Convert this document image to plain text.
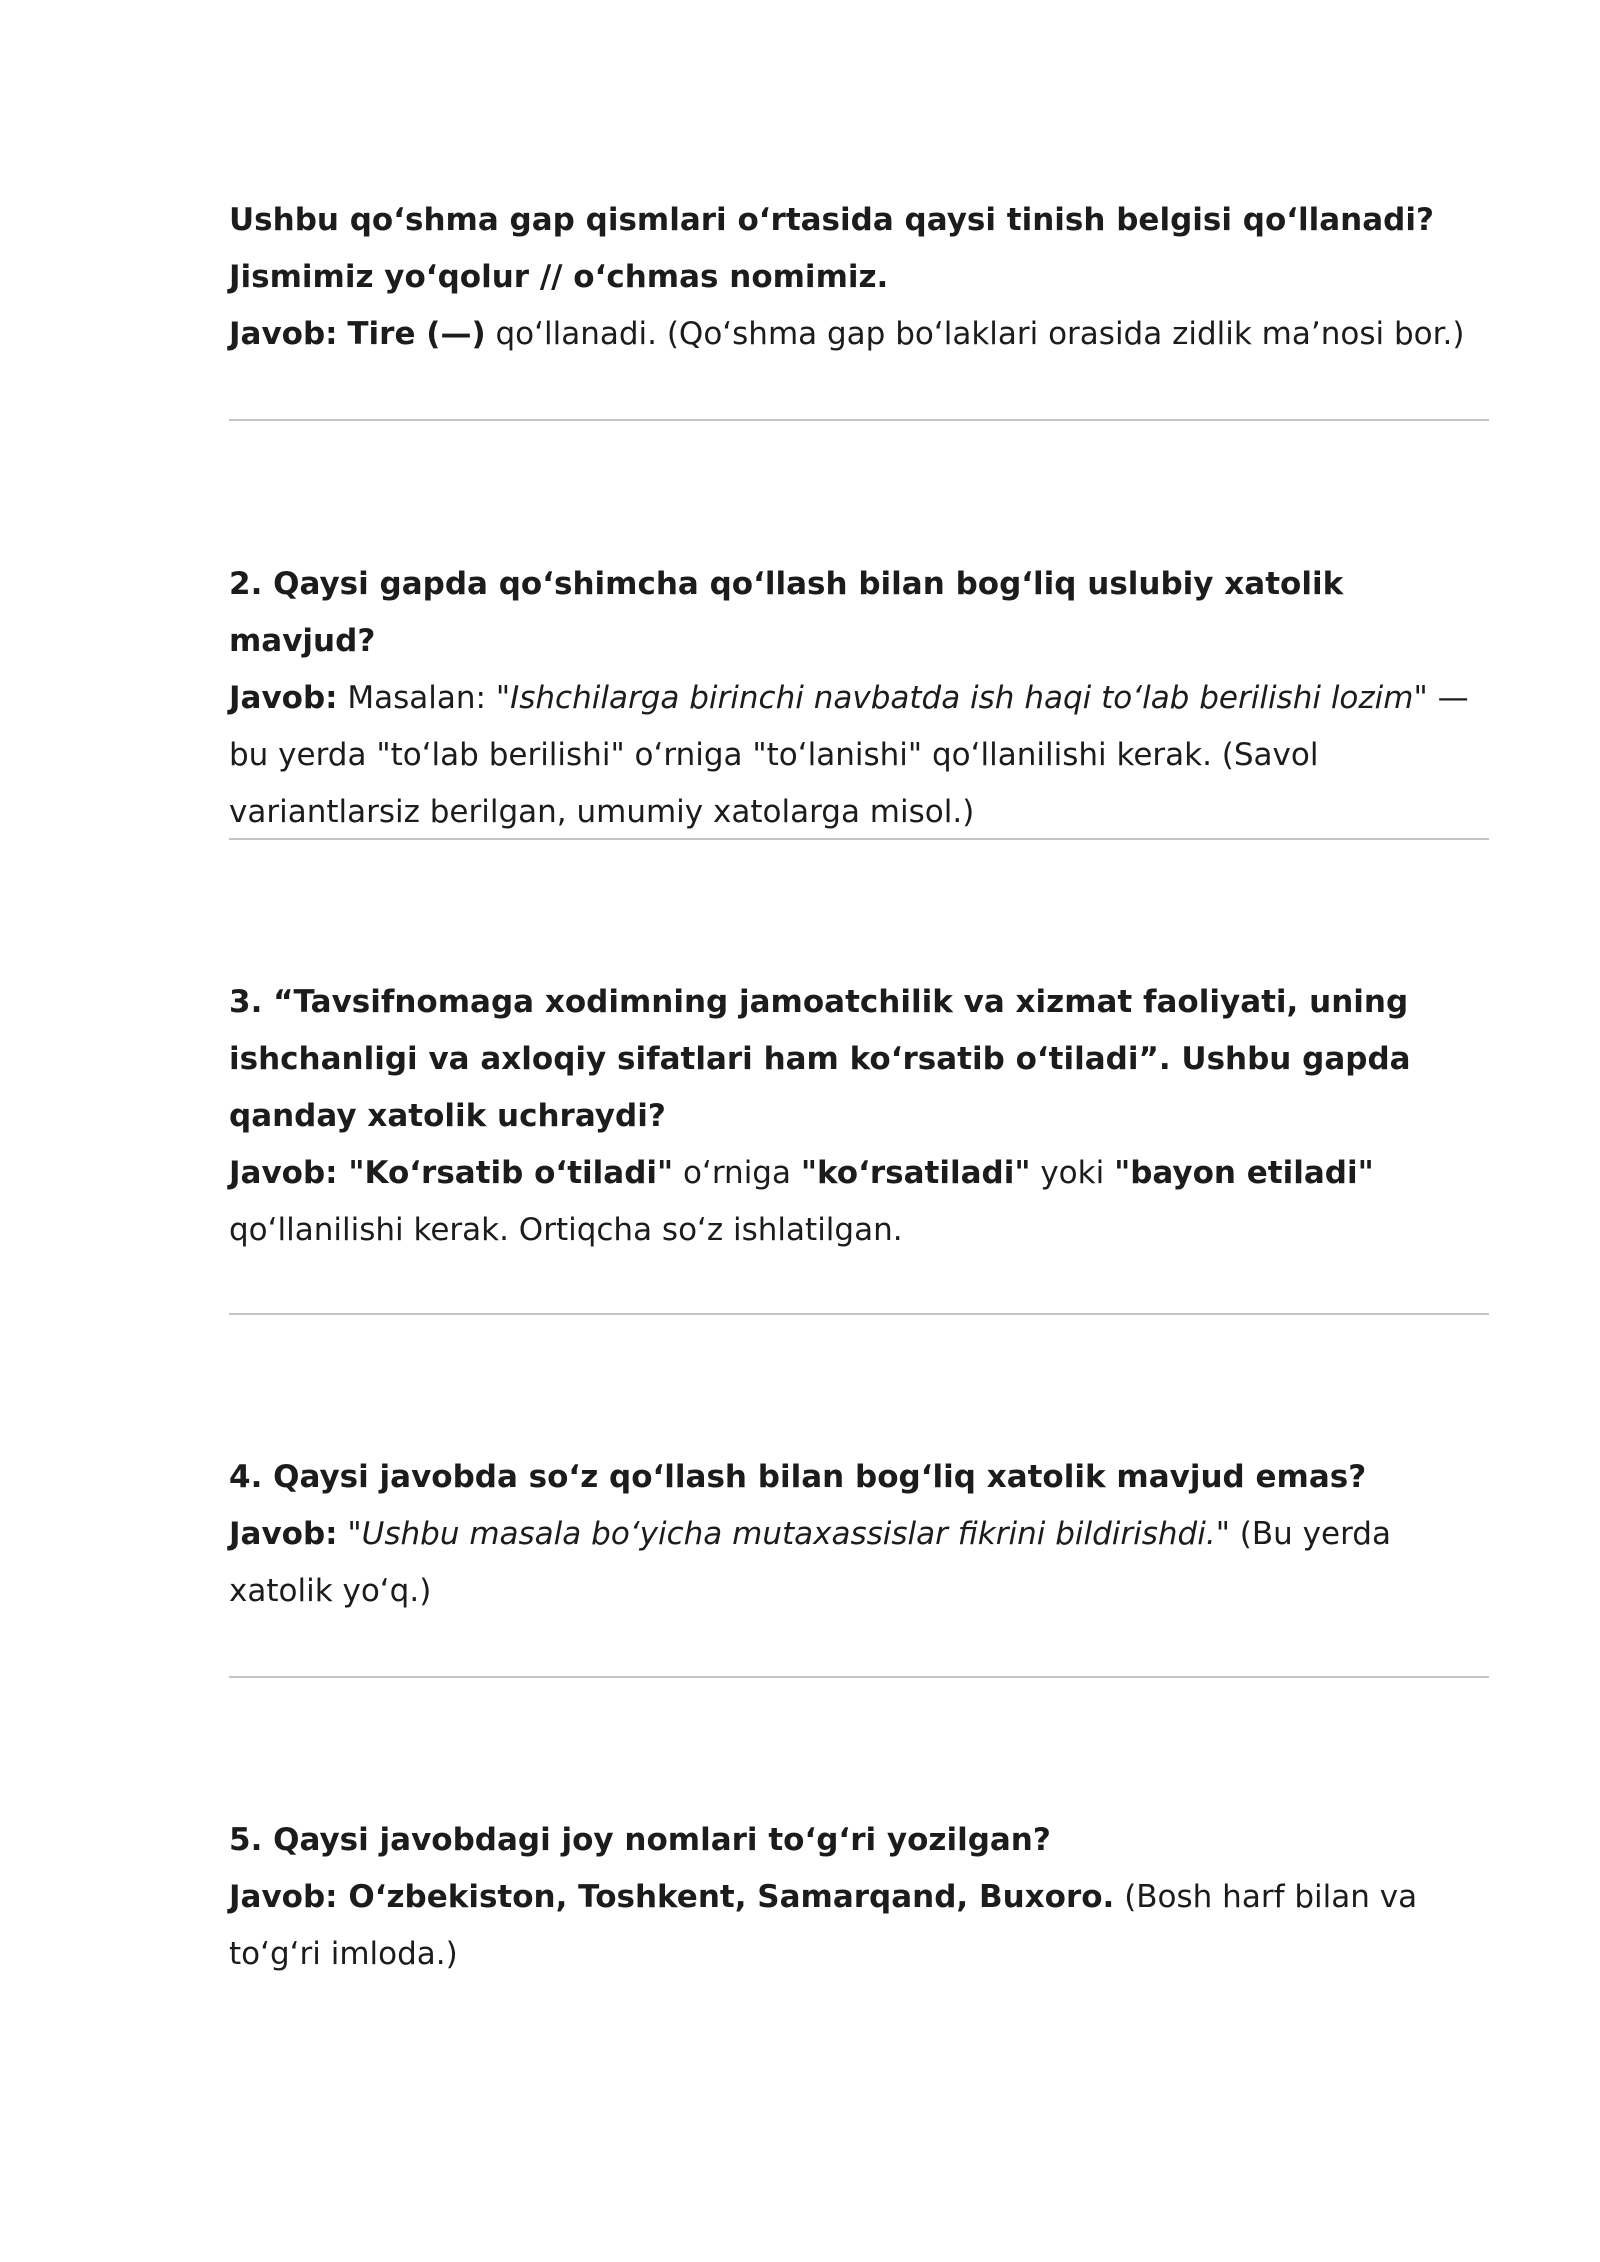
Ushbu qo‘shma gap qismlari o‘rtasida qaysi tinish belgisi qo‘llanadi? Jismimiz yo‘qolur // o‘chmas nomimiz.

Javob: Tire (—) qo‘llanadi. (Qo‘shma gap bo‘laklari orasida zidlik ma’nosi bor.)

2. Qaysi gapda qo‘shimcha qo‘llash bilan bog‘liq uslubiy xatolik mavjud?

Javob: Masalan: "Ishchilarga birinchi navbatda ish haqi to‘lab berilishi lozim" — bu yerda "to‘lab berilishi" o‘rniga "to‘lanishi" qo‘llanilishi kerak. (Savol variantlarsiz berilgan, umumiy xatolarga misol.)

3. “Tavsifnomaga xodimning jamoatchilik va xizmat faoliyati, uning ishchanligi va axloqiy sifatlari ham ko‘rsatib o‘tiladi”. Ushbu gapda qanday xatolik uchraydi?

Javob: "Ko‘rsatib o‘tiladi" o‘rniga "ko‘rsatiladi" yoki "bayon etiladi" qo‘llanilishi kerak. Ortiqcha so‘z ishlatilgan.

4. Qaysi javobda so‘z qo‘llash bilan bog‘liq xatolik mavjud emas?

Javob: "Ushbu masala bo‘yicha mutaxassislar fikrini bildirishdi." (Bu yerda xatolik yo‘q.)

5. Qaysi javobdagi joy nomlari to‘g‘ri yozilgan?

Javob: O‘zbekiston, Toshkent, Samarqand, Buxoro. (Bosh harf bilan va to‘g‘ri imloda.)
